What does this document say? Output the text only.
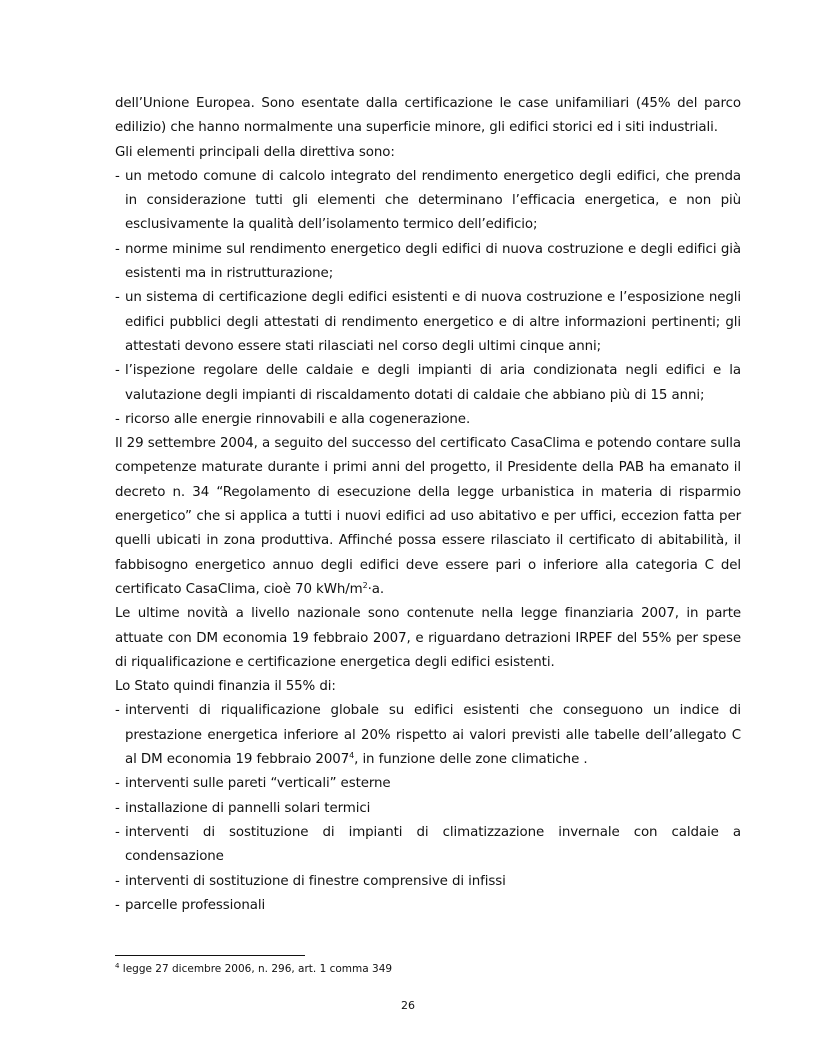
dell’Unione Europea. Sono esentate dalla certificazione le case unifamiliari (45% del parco edilizio) che hanno normalmente una superficie minore, gli edifici storici ed i siti industriali.

Gli elementi principali della direttiva sono:

- un metodo comune di calcolo integrato del rendimento energetico degli edifici, che prenda in considerazione tutti gli elementi che determinano l’efficacia energetica, e non più esclusivamente la qualità dell’isolamento termico dell’edificio;

- norme minime sul rendimento energetico degli edifici di nuova costruzione e degli edifici già esistenti ma in ristrutturazione;

- un sistema di certificazione degli edifici esistenti e di nuova costruzione e l’esposizione negli edifici pubblici degli attestati di rendimento energetico e di altre informazioni pertinenti; gli attestati devono essere stati rilasciati nel corso degli ultimi cinque anni;

- l’ispezione regolare delle caldaie e degli impianti di aria condizionata negli edifici e la valutazione degli impianti di riscaldamento dotati di caldaie che abbiano più di 15 anni;

- ricorso alle energie rinnovabili e alla cogenerazione.

Il 29 settembre 2004, a seguito del successo del certificato CasaClima e potendo contare sulla competenze maturate durante i primi anni del progetto, il Presidente della PAB ha emanato il decreto n. 34 “Regolamento di esecuzione della legge urbanistica in materia di risparmio energetico” che si applica a tutti i nuovi edifici ad uso abitativo e per uffici, eccezion fatta per quelli ubicati in zona produttiva. Affinché possa essere rilasciato il certificato di abitabilità, il fabbisogno energetico annuo degli edifici deve essere pari o inferiore alla categoria C del certificato CasaClima, cioè 70 kWh/$m^2\cdot a$.

Le ultime novità a livello nazionale sono contenute nella legge finanziaria 2007, in parte attuate con DM economia 19 febbraio 2007, e riguardano detrazioni IRPEF del 55% per spese di riqualificazione e certificazione energetica degli edifici esistenti.

Lo Stato quindi finanzia il 55% di:

- interventi di riqualificazione globale su edifici esistenti che conseguono un indice di prestazione energetica inferiore al 20% rispetto ai valori previsti alle tabelle dell’allegato C al DM economia 19 febbraio 2007$^4$, in funzione delle zone climatiche .

- interventi sulle pareti “verticali” esterne

- installazione di pannelli solari termici

- interventi di sostituzione di impianti di climatizzazione invernale con caldaie a condensazione

- interventi di sostituzione di finestre comprensive di infissi

- parcelle professionali

$^4$ legge 27 dicembre 2006, n. 296, art. 1 comma 349
26
